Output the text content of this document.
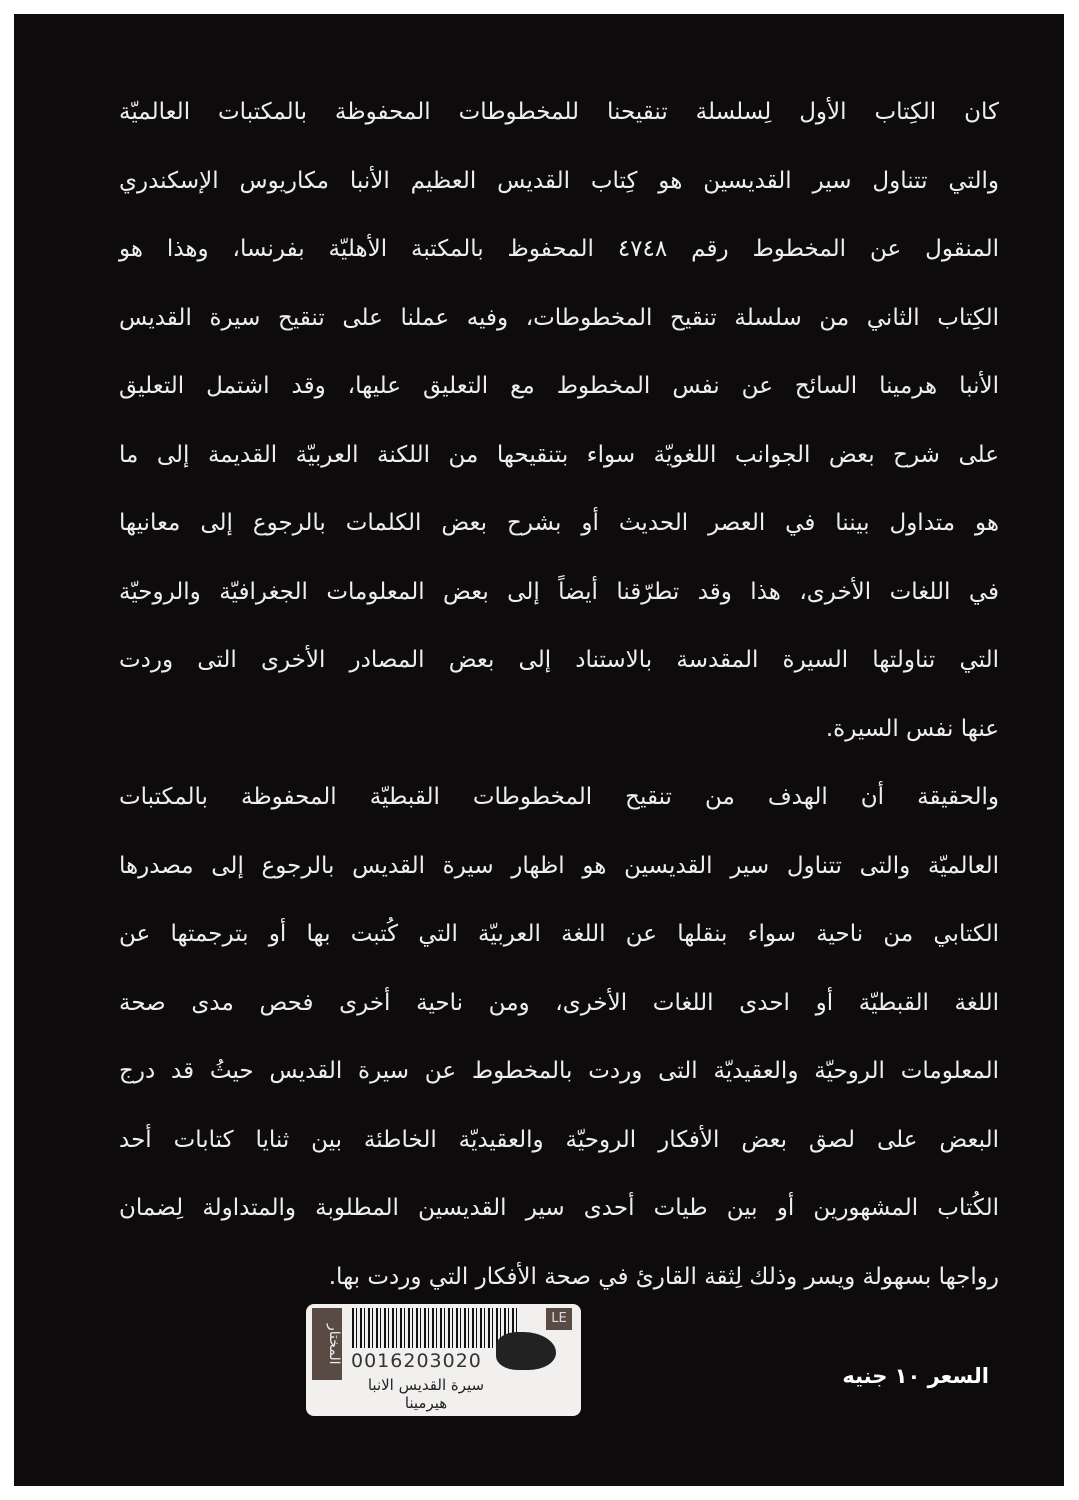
كان الكِتاب الأول لِسلسلة تنقيحنا للمخطوطات المحفوظة بالمكتبات العالميّة
والتي تتناول سير القديسين هو كِتاب القديس العظيم الأنبا مكاريوس الإسكندري
المنقول عن المخطوط رقم ٤٧٤٨ المحفوظ بالمكتبة الأهليّة بفرنسا، وهذا هو
الكِتاب الثاني من سلسلة تنقيح المخطوطات، وفيه عملنا على تنقيح سيرة القديس
الأنبا هرمينا السائح عن نفس المخطوط مع التعليق عليها، وقد اشتمل التعليق
على شرح بعض الجوانب اللغويّة سواء بتنقيحها من اللكنة العربيّة القديمة إلى ما
هو متداول بيننا في العصر الحديث أو بشرح بعض الكلمات بالرجوع إلى معانيها
في اللغات الأخرى، هذا وقد تطرّقنا أيضاً إلى بعض المعلومات الجغرافيّة والروحيّة
التي تناولتها السيرة المقدسة بالاستناد إلى بعض المصادر الأخرى التى وردت
عنها نفس السيرة.
والحقيقة أن الهدف من تنقيح المخطوطات القبطيّة المحفوظة بالمكتبات
العالميّة والتى تتناول سير القديسين هو اظهار سيرة القديس بالرجوع إلى مصدرها
الكتابي من ناحية سواء بنقلها عن اللغة العربيّة التي كُتبت بها أو بترجمتها عن
اللغة القبطيّة أو احدى اللغات الأخرى، ومن ناحية أخرى فحص مدى صحة
المعلومات الروحيّة والعقيديّة التى وردت بالمخطوط عن سيرة القديس حيثُ قد درج
البعض على لصق بعض الأفكار الروحيّة والعقيديّة الخاطئة بين ثنايا كتابات أحد
الكُتاب المشهورين أو بين طيات أحدى سير القديسين المطلوبة والمتداولة لِضمان
رواجها بسهولة ويسر وذلك لِثقة القارئ في صحة الأفكار التي وردت بها.
المختار
LE
0016203020
سيرة القديس الانبا هيرمينا
السعر ١٠ جنيه
